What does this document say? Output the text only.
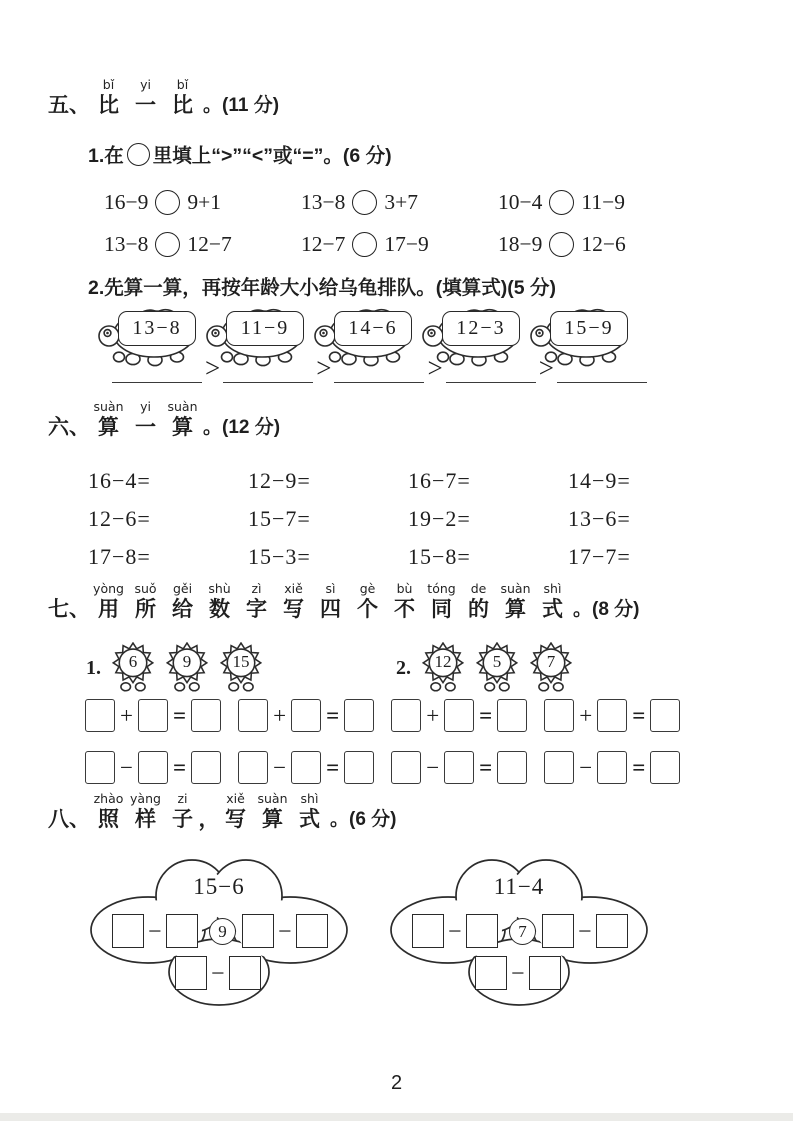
五、
bǐ
比
yi
一
bǐ
比 。(11 分)
1.在 里填上“>”“<”或“=”。(6 分)
16−9 9+1	13−8 3+7	10−4 11−9
13−8 12−7	12−7 17−9	18−9 12−6
2.先算一算，再按年龄大小给乌龟排队。(填算式)(5 分)
13−8	11−9	14−6	12−3	15−9
>	>	>	>
六、
suàn
算
yi
一
suàn
算 。(12 分)
16−4=	12−9=	16−7=	14−9=
12−6=	15−7=	19−2=	13−6=
17−8=	15−3=	15−8=	17−7=
七、
yòng
用
suǒ
所
gěi
给
shù
数
zì
字
xiě
写
sì
四
gè
个
bù
不
tóng
同
de
的
suàn
算
shì
式 。(8 分)
1.	6	9	15	2.	12	5	7
+ =	+ =	+ =	+ =
− =	− =	− =	− =
八、
zhào
照
yàng
样
zi
子 ，
xiě
写
suàn
算
shì
式 。(6 分)
15−6
−	9	−
−
11−4
−	7	−
−
2
